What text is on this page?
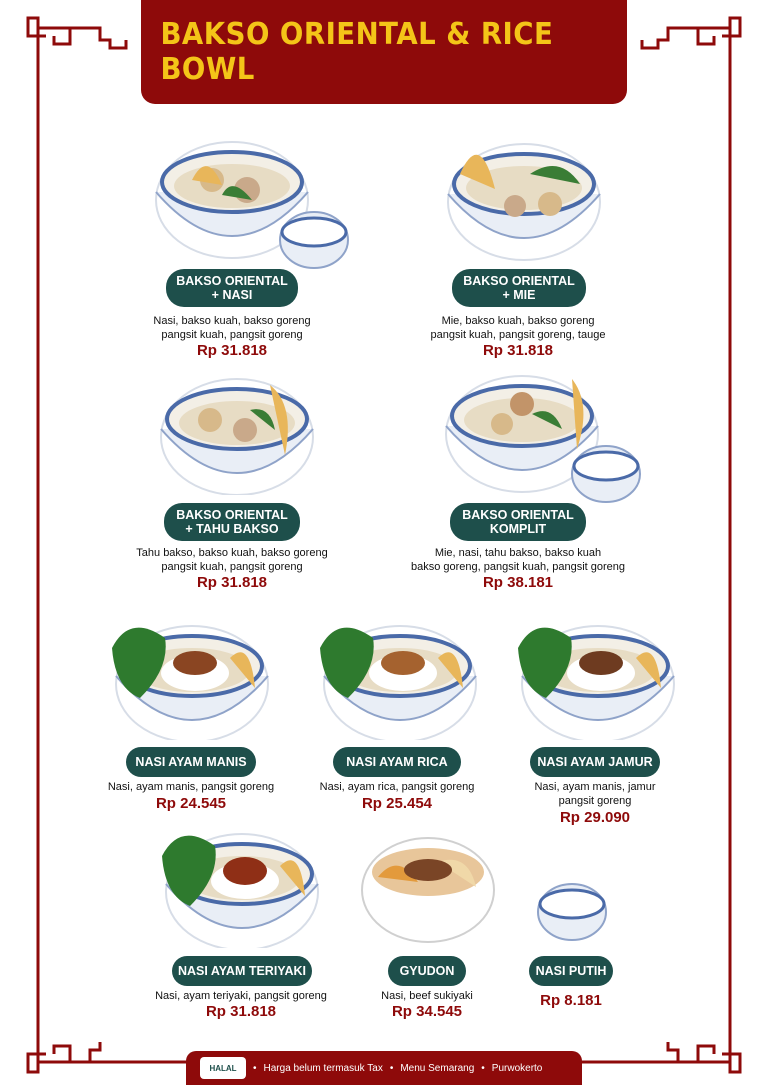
BAKSO ORIENTAL & RICE BOWL
BAKSO ORIENTAL
+ NASI
Nasi, bakso kuah, bakso goreng
pangsit kuah, pangsit goreng
Rp 31.818
BAKSO ORIENTAL
+ MIE
Mie, bakso kuah, bakso goreng
pangsit kuah, pangsit goreng, tauge
Rp 31.818
BAKSO ORIENTAL
+ TAHU BAKSO
Tahu bakso, bakso kuah, bakso goreng
pangsit kuah, pangsit goreng
Rp 31.818
BAKSO ORIENTAL
KOMPLIT
Mie, nasi, tahu bakso, bakso kuah
bakso goreng, pangsit kuah, pangsit goreng
Rp 38.181
NASI AYAM MANIS
Nasi, ayam manis, pangsit goreng
Rp 24.545
NASI AYAM RICA
Nasi, ayam rica, pangsit goreng
Rp 25.454
NASI AYAM JAMUR
Nasi, ayam manis, jamur
pangsit goreng
Rp 29.090
NASI AYAM TERIYAKI
Nasi, ayam teriyaki, pangsit goreng
Rp 31.818
GYUDON
Nasi, beef sukiyaki
Rp 34.545
NASI PUTIH
Rp 8.181
HALAL	• Harga belum termasuk Tax • Menu Semarang • Purwokerto
